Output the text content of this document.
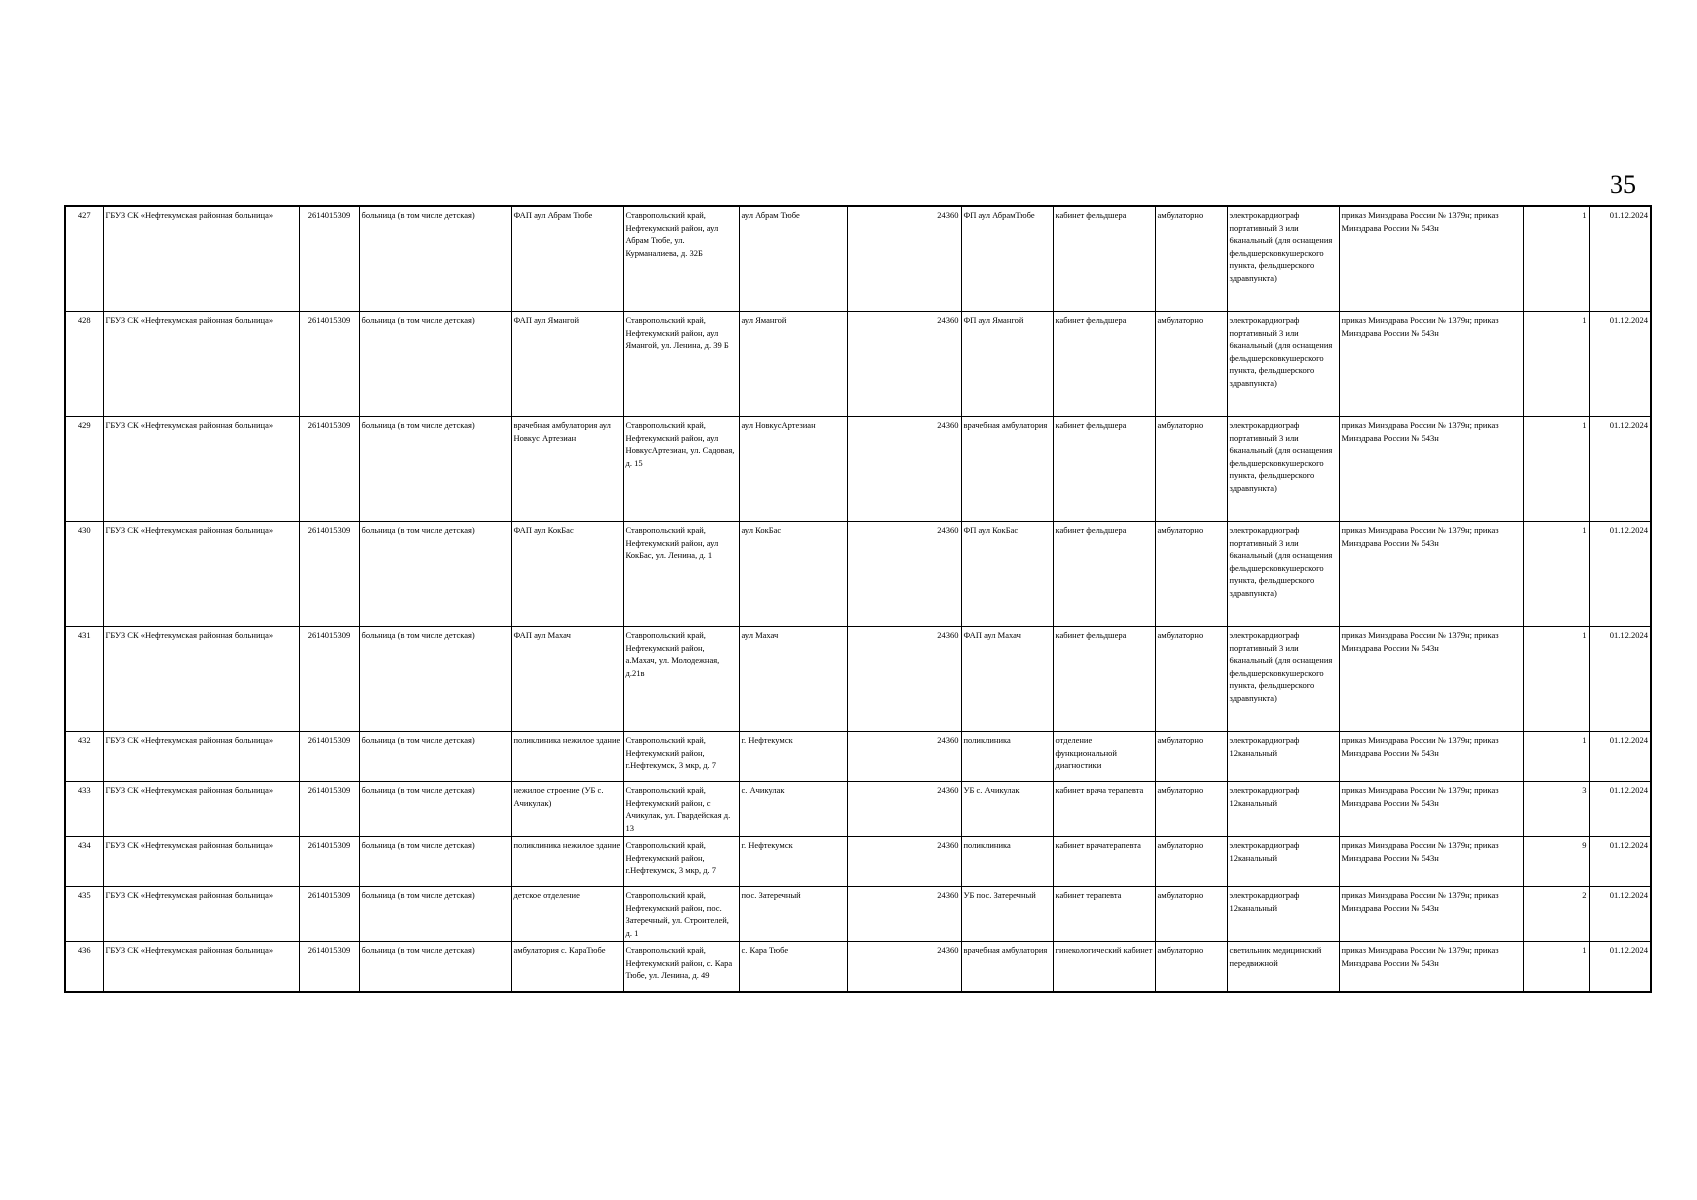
35
427	ГБУЗ СК «Нефтекумская районная больница»	2614015309	больница (в том числе детская)	ФАП аул Абрам Тюбе	Ставропольский край, Нефтекумский район, аул Абрам Тюбе, ул. Курманалиева, д. 32Б	аул Абрам Тюбе	24360	ФП аул АбрамТюбе	кабинет фельдшера	амбулаторно	электрокардиограф портативный 3 или 6канальный (для оснащения фельдшерсковкушерского пункта, фельдшерского здравпункта)	приказ Минздрава России № 1379н; приказ Минздрава России № 543н	1	01.12.2024
428	ГБУЗ СК «Нефтекумская районная больница»	2614015309	больница (в том числе детская)	ФАП аул Ямангой	Ставропольский край, Нефтекумский район, аул Ямангой, ул. Ленина, д. 39 Б	аул Ямангой	24360	ФП аул Ямангой	кабинет фельдшера	амбулаторно	электрокардиограф портативный 3 или 6канальный (для оснащения фельдшерсковкушерского пункта, фельдшерского здравпункта)	приказ Минздрава России № 1379н; приказ Минздрава России № 543н	1	01.12.2024
429	ГБУЗ СК «Нефтекумская районная больница»	2614015309	больница (в том числе детская)	врачебная амбулатория аул Новкус Артезиан	Ставропольский край, Нефтекумский район, аул НовкусАртезиан, ул. Садовая, д. 15	аул НовкусАртезиан	24360	врачебная амбулатория	кабинет фельдшера	амбулаторно	электрокардиограф портативный 3 или 6канальный (для оснащения фельдшерсковкушерского пункта, фельдшерского здравпункта)	приказ Минздрава России № 1379н; приказ Минздрава России № 543н	1	01.12.2024
430	ГБУЗ СК «Нефтекумская районная больница»	2614015309	больница (в том числе детская)	ФАП аул КокБас	Ставропольский край, Нефтекумский район, аул КокБас, ул. Ленина, д. 1	аул КокБас	24360	ФП аул КокБас	кабинет фельдшера	амбулаторно	электрокардиограф портативный 3 или 6канальный (для оснащения фельдшерсковкушерского пункта, фельдшерского здравпункта)	приказ Минздрава России № 1379н; приказ Минздрава России № 543н	1	01.12.2024
431	ГБУЗ СК «Нефтекумская районная больница»	2614015309	больница (в том числе детская)	ФАП аул Махач	Ставропольский край, Нефтекумский район, а.Махач, ул. Молодежная, д.21в	аул Махач	24360	ФАП аул Махач	кабинет фельдшера	амбулаторно	электрокардиограф портативный 3 или 6канальный (для оснащения фельдшерсковкушерского пункта, фельдшерского здравпункта)	приказ Минздрава России № 1379н; приказ Минздрава России № 543н	1	01.12.2024
432	ГБУЗ СК «Нефтекумская районная больница»	2614015309	больница (в том числе детская)	поликлиника нежилое здание	Ставропольский край, Нефтекумский район, г.Нефтекумск, 3 мкр, д. 7	г. Нефтекумск	24360	поликлиника	отделение функциональной диагностики	амбулаторно	электрокардиограф 12канальный	приказ Минздрава России № 1379н; приказ Минздрава России № 543н	1	01.12.2024
433	ГБУЗ СК «Нефтекумская районная больница»	2614015309	больница (в том числе детская)	нежилое строение (УБ с. Ачикулак)	Ставропольский край, Нефтекумский район, с Ачикулак, ул. Гвардейская д. 13	с. Ачикулак	24360	УБ с. Ачикулак	кабинет врача терапевта	амбулаторно	электрокардиограф 12канальный	приказ Минздрава России № 1379н; приказ Минздрава России № 543н	3	01.12.2024
434	ГБУЗ СК «Нефтекумская районная больница»	2614015309	больница (в том числе детская)	поликлиника нежилое здание	Ставропольский край, Нефтекумский район, г.Нефтекумск, 3 мкр, д. 7	г. Нефтекумск	24360	поликлиника	кабинет врачатерапевта	амбулаторно	электрокардиограф 12канальный	приказ Минздрава России № 1379н; приказ Минздрава России № 543н	9	01.12.2024
435	ГБУЗ СК «Нефтекумская районная больница»	2614015309	больница (в том числе детская)	детское отделение	Ставропольский край, Нефтекумский район, пос. Затеречный, ул. Строителей, д. 1	пос. Затеречный	24360	УБ пос. Затеречный	кабинет терапевта	амбулаторно	электрокардиограф 12канальный	приказ Минздрава России № 1379н; приказ Минздрава России № 543н	2	01.12.2024
436	ГБУЗ СК «Нефтекумская районная больница»	2614015309	больница (в том числе детская)	амбулатория с. КараТюбе	Ставропольский край, Нефтекумский район, с. Кара Тюбе, ул. Ленина, д. 49	с. Кара Тюбе	24360	врачебная амбулатория	гинекологический кабинет	амбулаторно	светильник медицинский передвижной	приказ Минздрава России № 1379н; приказ Минздрава России № 543н	1	01.12.2024
